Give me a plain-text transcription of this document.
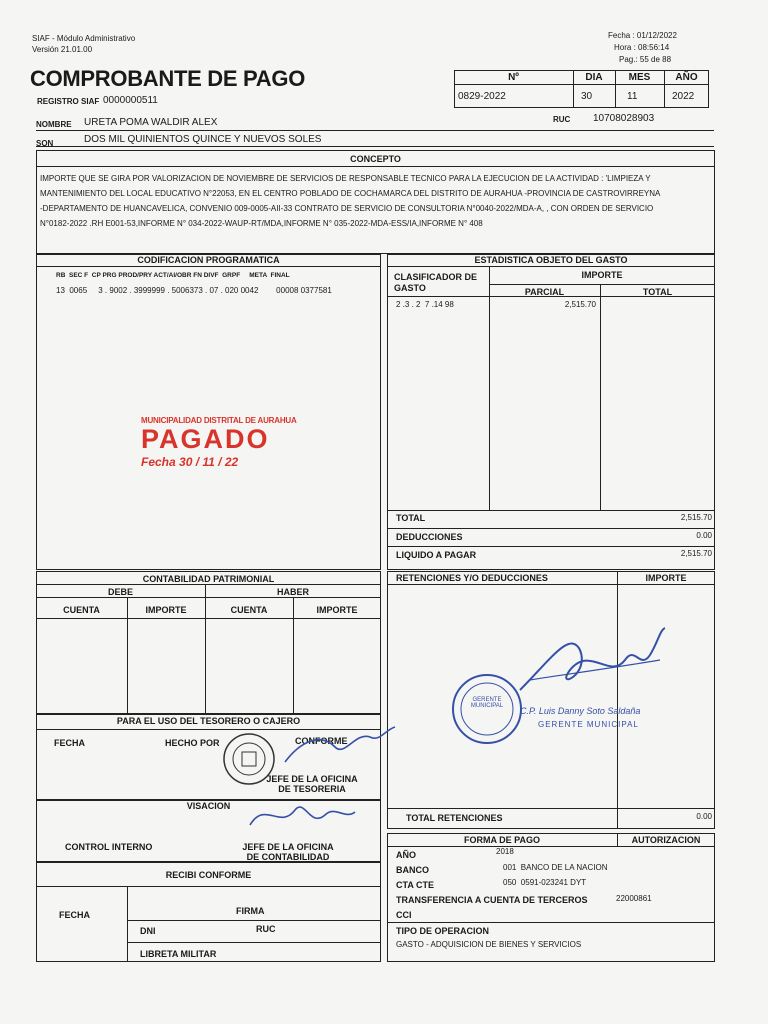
SIAF - Módulo Administrativo
Versión 21.01.00
Fecha : 01/12/2022
Hora : 08:56:14
Pag.: 55 de 88
COMPROBANTE DE PAGO
REGISTRO SIAF 0000000511
Nº	DIA	MES	AÑO
0829-2022	30	11	2022
NOMBRE URETA POMA WALDIR ALEX	RUC 10708028903
SON	DOS MIL QUINIENTOS QUINCE Y NUEVOS SOLES
CONCEPTO
IMPORTE QUE SE GIRA POR VALORIZACION DE NOVIEMBRE DE SERVICIOS DE RESPONSABLE TECNICO PARA LA EJECUCION DE LA ACTIVIDAD : 'LIMPIEZA Y
MANTENIMIENTO DEL LOCAL EDUCATIVO N°22053, EN EL CENTRO POBLADO DE COCHAMARCA DEL DISTRITO DE AURAHUA -PROVINCIA DE CASTROVIRREYNA
-DEPARTAMENTO DE HUANCAVELICA, CONVENIO 009-0005-AII-33 CONTRATO DE SERVICIO DE CONSULTORIA N°0040-2022/MDA-A, , CON ORDEN DE SERVICIO
N°0182-2022 .RH E001-53,INFORME N° 034-2022-WAUP-RT/MDA,INFORME N° 035-2022-MDA-ESS/IA,INFORME N° 408
CODIFICACION PROGRAMATICA
RB  SEC F  CP PRG PROD/PRY ACT/AI/OBR FN DIVF  GRPF     META  FINAL
13  0065     3 . 9002 . 3999999 . 5006373 . 07 . 020 0042        00008 0377581
MUNICIPALIDAD DISTRITAL DE AURAHUA
PAGADO
Fecha 30 / 11 / 22
ESTADISTICA OBJETO DEL GASTO
CLASIFICADOR DE GASTO
IMPORTE
PARCIAL	TOTAL
2 .3 . 2  7 .14 98	2,515.70
TOTAL	2,515.70
DEDUCCIONES	0.00
LIQUIDO A PAGAR	2,515.70
CONTABILIDAD PATRIMONIAL
DEBE	HABER
CUENTA	IMPORTE	CUENTA	IMPORTE
RETENCIONES Y/O DEDUCCIONES	IMPORTE
TOTAL RETENCIONES	0.00
GERENTE MUNICIPAL	C.P. Luis Danny Soto Saldaña
GERENTE MUNICIPAL
PARA EL USO DEL TESORERO O CAJERO
FECHA	HECHO POR	CONFORME
JEFE DE LA OFICINA
DE TESORERIA
VISACION
CONTROL INTERNO	JEFE DE LA OFICINA
DE CONTABILIDAD
RECIBI CONFORME
FECHA	FIRMA
DNI	RUC
LIBRETA MILITAR
FORMA DE PAGO	AUTORIZACION
AÑO	2018
BANCO	001  BANCO DE LA NACION
CTA CTE	050  0591-023241 DYT
TRANSFERENCIA A CUENTA DE TERCEROS	22000861
CCI
TIPO DE OPERACION
GASTO - ADQUISICION DE BIENES Y SERVICIOS
